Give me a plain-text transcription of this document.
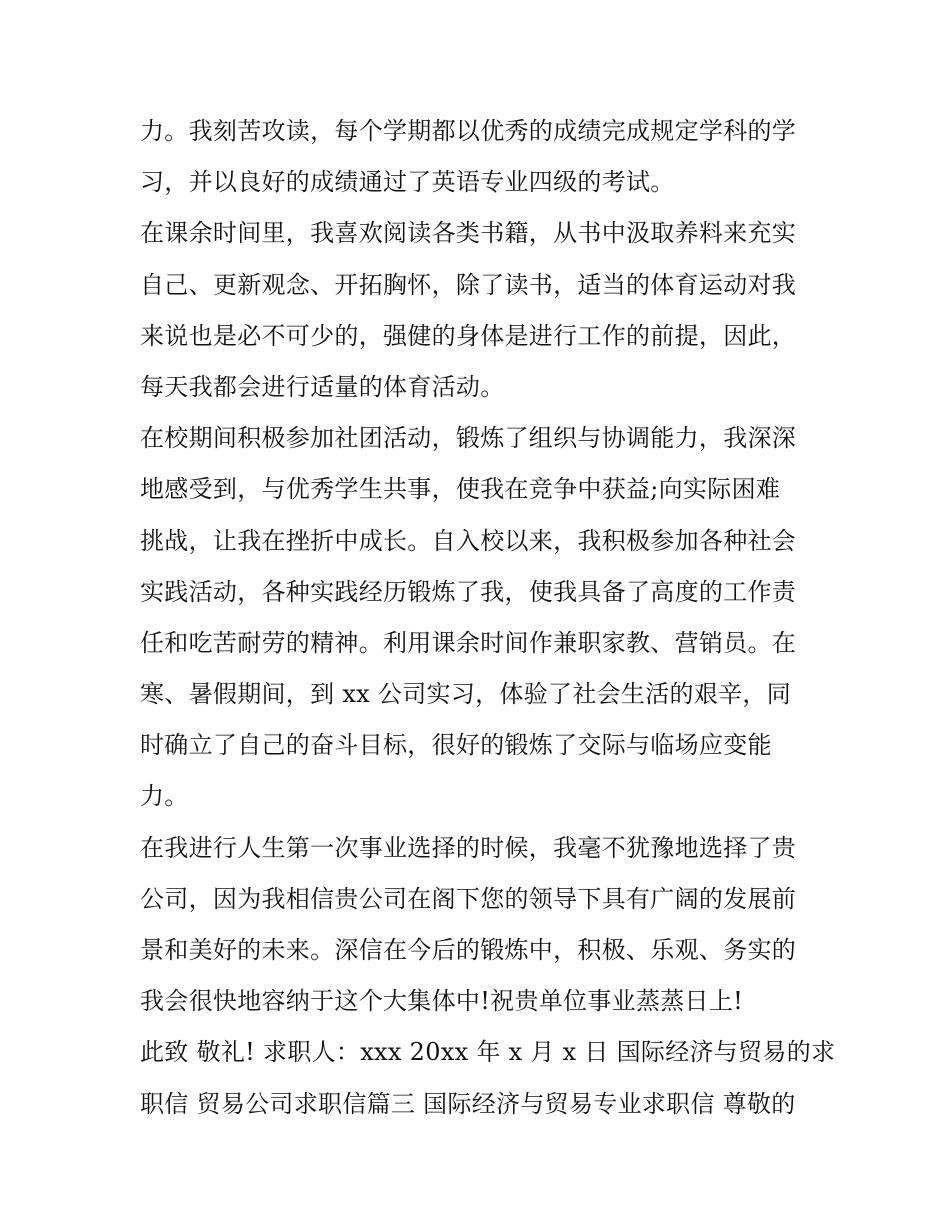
力。我刻苦攻读，每个学期都以优秀的成绩完成规定学科的学
习，并以良好的成绩通过了英语专业四级的考试。
在课余时间里，我喜欢阅读各类书籍，从书中汲取养料来充实
自己、更新观念、开拓胸怀，除了读书，适当的体育运动对我
来说也是必不可少的，强健的身体是进行工作的前提，因此，
每天我都会进行适量的体育活动。
在校期间积极参加社团活动，锻炼了组织与协调能力，我深深
地感受到，与优秀学生共事，使我在竞争中获益;向实际困难
挑战，让我在挫折中成长。自入校以来，我积极参加各种社会
实践活动，各种实践经历锻炼了我，使我具备了高度的工作责
任和吃苦耐劳的精神。利用课余时间作兼职家教、营销员。在
寒、暑假期间，到 xx 公司实习，体验了社会生活的艰辛，同
时确立了自己的奋斗目标，很好的锻炼了交际与临场应变能
力。
在我进行人生第一次事业选择的时候，我毫不犹豫地选择了贵
公司，因为我相信贵公司在阁下您的领导下具有广阔的发展前
景和美好的未来。深信在今后的锻炼中，积极、乐观、务实的
我会很快地容纳于这个大集体中!祝贵单位事业蒸蒸日上!
此致 敬礼! 求职人：xxx 20xx 年 x 月 x 日 国际经济与贸易的求
职信 贸易公司求职信篇三 国际经济与贸易专业求职信 尊敬的
